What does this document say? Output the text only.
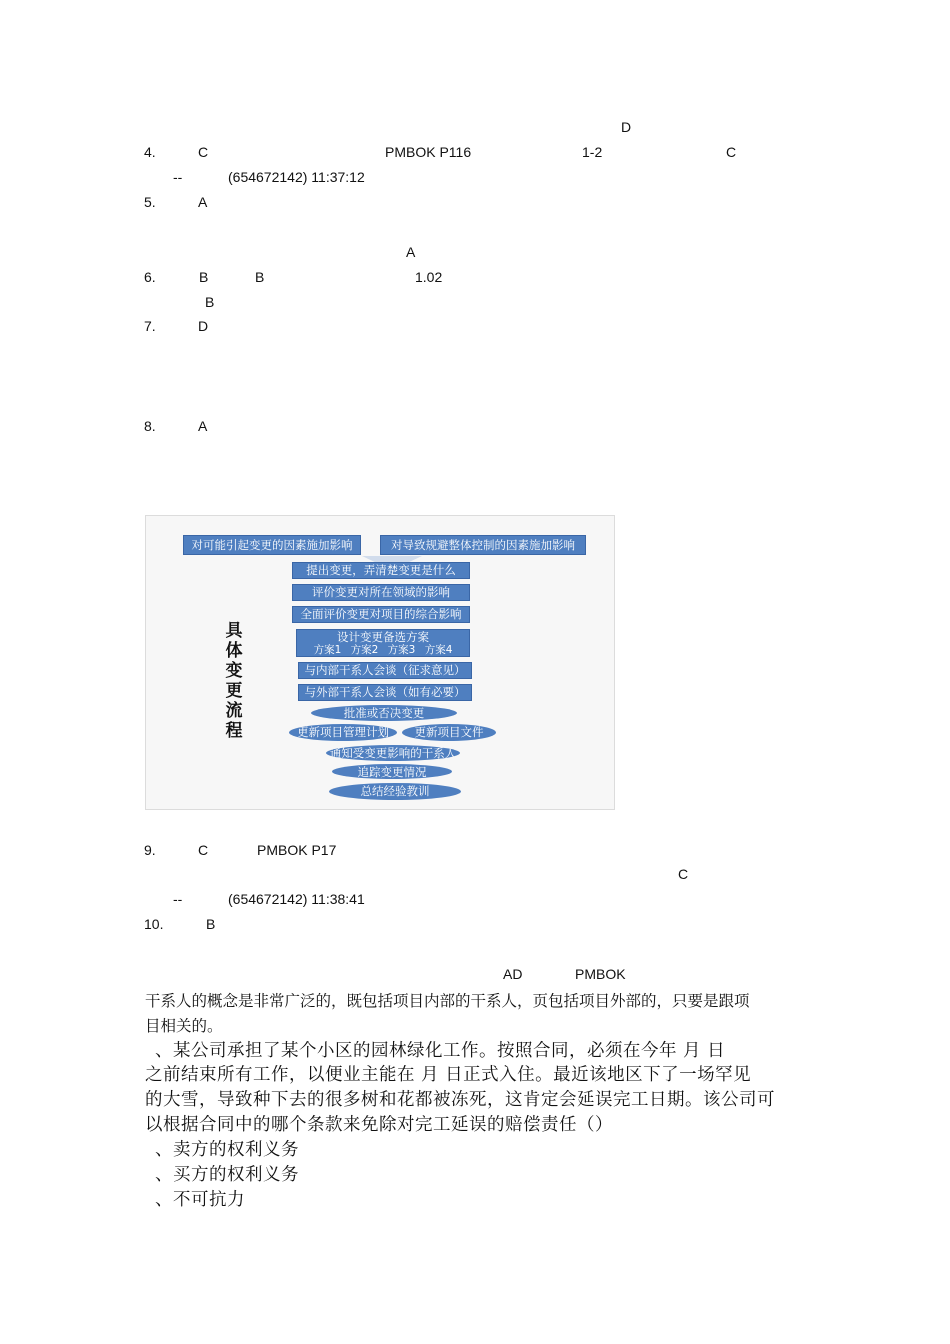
D
4.	C	PMBOK P116	1-2	C
--	(654672142) 11:37:12
5.	A
A
6.	B	B	1.02
B
7.	D
8.	A
具体变更流程
对可能引起变更的因素施加影响	对导致规避整体控制的因素施加影响
提出变更，弄清楚变更是什么
评价变更对所在领域的影响
全面评价变更对项目的综合影响
设计变更备选方案
方案1 方案2 方案3 方案4
与内部干系人会谈（征求意见）
与外部干系人会谈（如有必要）
批准或否决变更
更新项目管理计划	更新项目文件
通知受变更影响的干系人
追踪变更情况
总结经验教训
9.	C	PMBOK P17
C
--	(654672142) 11:38:41
10.	B
AD	PMBOK
干系人的概念是非常广泛的，既包括项目内部的干系人，页包括项目外部的，只要是跟项
目相关的。
、某公司承担了某个小区的园林绿化工作。按照合同，必须在今年 月 日
之前结束所有工作，以便业主能在 月 日正式入住。最近该地区下了一场罕见
的大雪，导致种下去的很多树和花都被冻死，这肯定会延误完工日期。该公司可
以根据合同中的哪个条款来免除对完工延误的赔偿责任（）
、卖方的权利义务
、买方的权利义务
、不可抗力
